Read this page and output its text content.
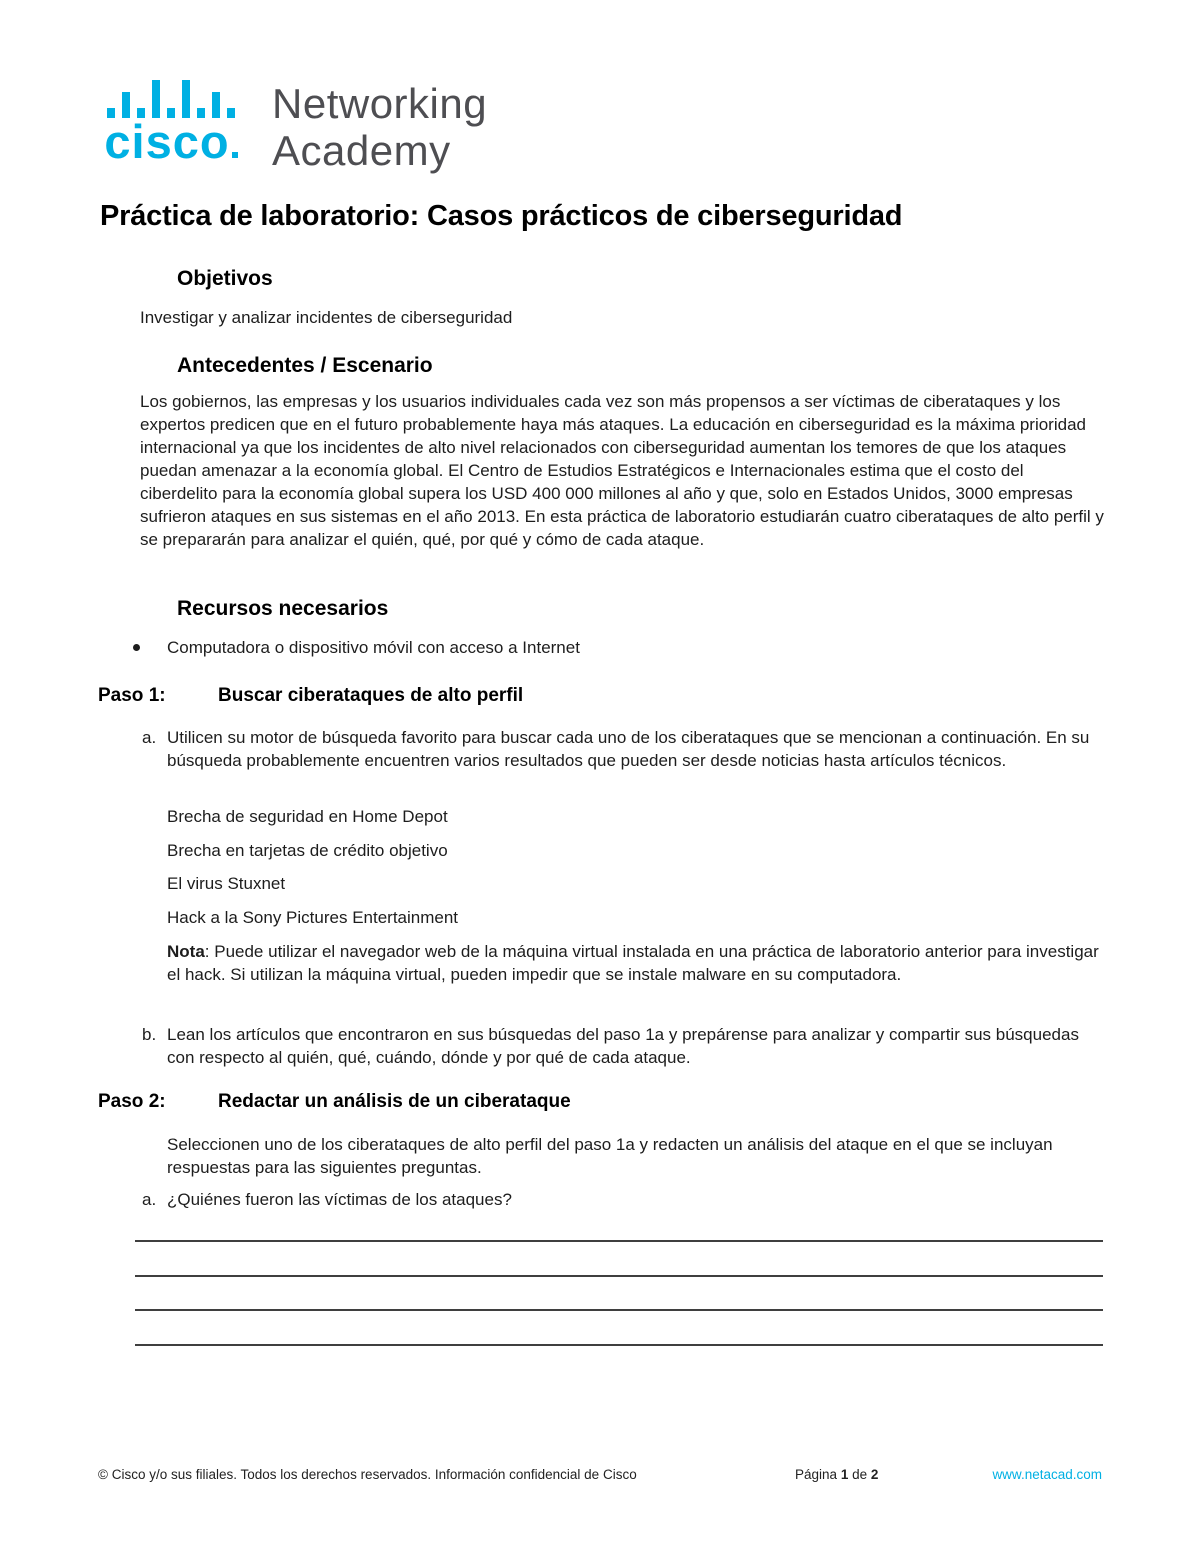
cisco
Networking
Academy
Práctica de laboratorio: Casos prácticos de ciberseguridad
Objetivos
Investigar y analizar incidentes de ciberseguridad
Antecedentes / Escenario
Los gobiernos, las empresas y los usuarios individuales cada vez son más propensos a ser víctimas de ciberataques y los expertos predicen que en el futuro probablemente haya más ataques. La educación en ciberseguridad es la máxima prioridad internacional ya que los incidentes de alto nivel relacionados con ciberseguridad aumentan los temores de que los ataques puedan amenazar a la economía global. El Centro de Estudios Estratégicos e Internacionales estima que el costo del ciberdelito para la economía global supera los USD 400 000 millones al año y que, solo en Estados Unidos, 3000 empresas sufrieron ataques en sus sistemas en el año 2013. En esta práctica de laboratorio estudiarán cuatro ciberataques de alto perfil y se prepararán para analizar el quién, qué, por qué y cómo de cada ataque.
Recursos necesarios
Computadora o dispositivo móvil con acceso a Internet
Paso 1:	Buscar ciberataques de alto perfil
a. Utilicen su motor de búsqueda favorito para buscar cada uno de los ciberataques que se mencionan a continuación. En su búsqueda probablemente encuentren varios resultados que pueden ser desde noticias hasta artículos técnicos.
Brecha de seguridad en Home Depot
Brecha en tarjetas de crédito objetivo
El virus Stuxnet
Hack a la Sony Pictures Entertainment
Nota: Puede utilizar el navegador web de la máquina virtual instalada en una práctica de laboratorio anterior para investigar el hack. Si utilizan la máquina virtual, pueden impedir que se instale malware en su computadora.
b. Lean los artículos que encontraron en sus búsquedas del paso 1a y prepárense para analizar y compartir sus búsquedas con respecto al quién, qué, cuándo, dónde y por qué de cada ataque.
Paso 2:	Redactar un análisis de un ciberataque
Seleccionen uno de los ciberataques de alto perfil del paso 1a y redacten un análisis del ataque en el que se incluyan respuestas para las siguientes preguntas.
a. ¿Quiénes fueron las víctimas de los ataques?
© Cisco y/o sus filiales. Todos los derechos reservados. Información confidencial de Cisco	Página 1 de 2	www.netacad.com
